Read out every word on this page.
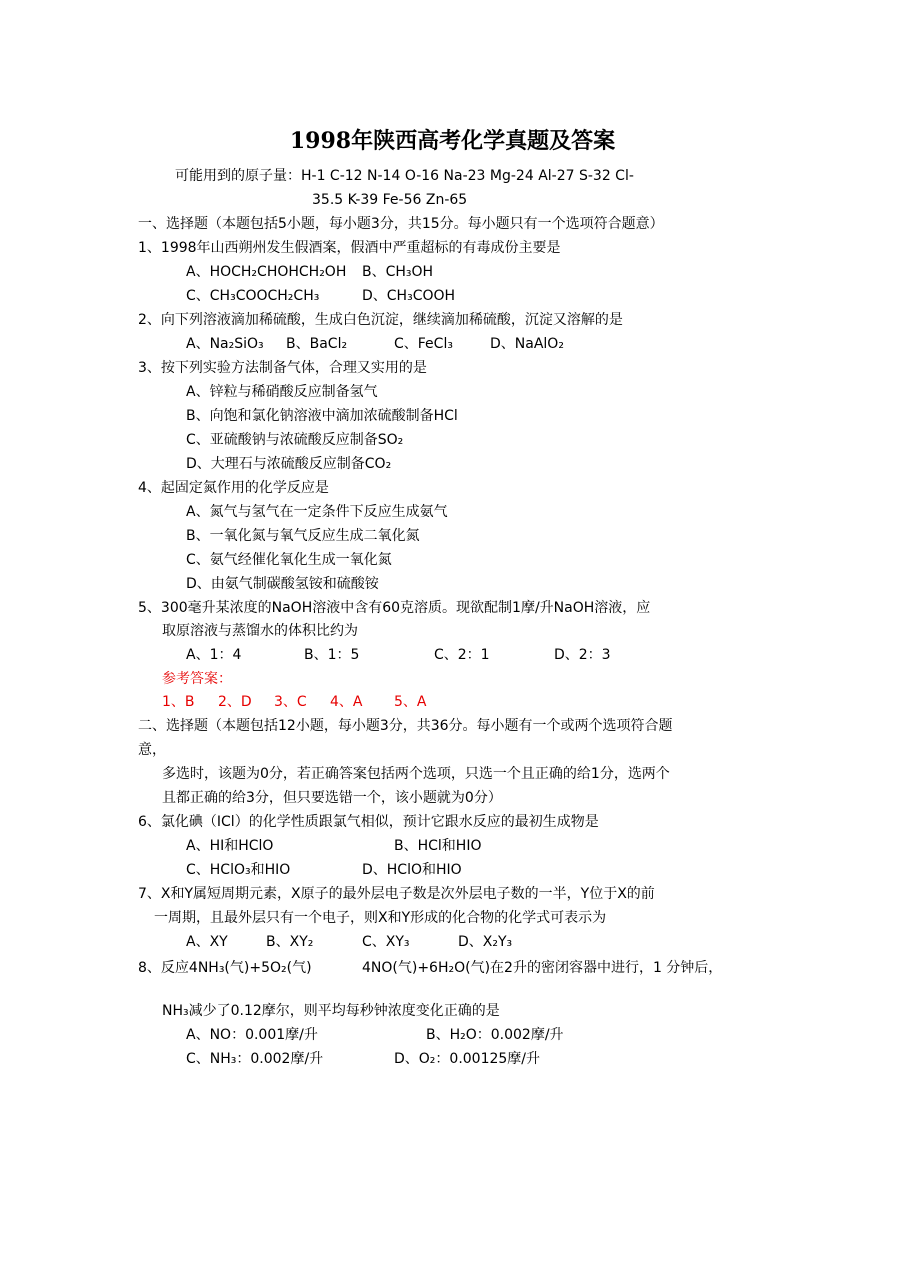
1998年陕西高考化学真题及答案
可能用到的原子量：H-1 C-12 N-14 O-16 Na-23 Mg-24 Al-27 S-32 Cl-
35.5 K-39 Fe-56 Zn-65
一、选择题（本题包括5小题，每小题3分，共15分。每小题只有一个选项符合题意）
1、1998年山西朔州发生假酒案，假酒中严重超标的有毒成份主要是
A、HOCH₂CHOHCH₂OH B、CH₃OH
C、CH₃COOCH₂CH₃	D、CH₃COOH
2、向下列溶液滴加稀硫酸，生成白色沉淀，继续滴加稀硫酸，沉淀又溶解的是
A、Na₂SiO₃ B、BaCl₂	C、FeCl₃	D、NaAlO₂
3、按下列实验方法制备气体，合理又实用的是
A、锌粒与稀硝酸反应制备氢气
B、向饱和氯化钠溶液中滴加浓硫酸制备HCl
C、亚硫酸钠与浓硫酸反应制备SO₂
D、大理石与浓硫酸反应制备CO₂
4、起固定氮作用的化学反应是
A、氮气与氢气在一定条件下反应生成氨气
B、一氧化氮与氧气反应生成二氧化氮
C、氨气经催化氧化生成一氧化氮
D、由氨气制碳酸氢铵和硫酸铵
5、300毫升某浓度的NaOH溶液中含有60克溶质。现欲配制1摩/升NaOH溶液，应
取原溶液与蒸馏水的体积比约为
A、1：4	B、1：5	C、2：1	D、2：3
参考答案：
1、B 2、D 3、C 4、A 5、A
二、选择题（本题包括12小题，每小题3分，共36分。每小题有一个或两个选项符合题
意，
多选时，该题为0分，若正确答案包括两个选项，只选一个且正确的给1分，选两个
且都正确的给3分，但只要选错一个，该小题就为0分）
6、氯化碘（ICl）的化学性质跟氯气相似，预计它跟水反应的最初生成物是
A、HI和HClO	B、HCl和HIO
C、HClO₃和HIO	D、HClO和HIO
7、X和Y属短周期元素，X原子的最外层电子数是次外层电子数的一半，Y位于X的前
一周期，且最外层只有一个电子，则X和Y形成的化合物的化学式可表示为
A、XY	B、XY₂	C、XY₃	D、X₂Y₃
8、反应4NH₃(气)+5O₂(气)	4NO(气)+6H₂O(气)在2升的密闭容器中进行，1 分钟后，
NH₃减少了0.12摩尔，则平均每秒钟浓度变化正确的是
A、NO：0.001摩/升	B、H₂O：0.002摩/升
C、NH₃：0.002摩/升	D、O₂：0.00125摩/升
